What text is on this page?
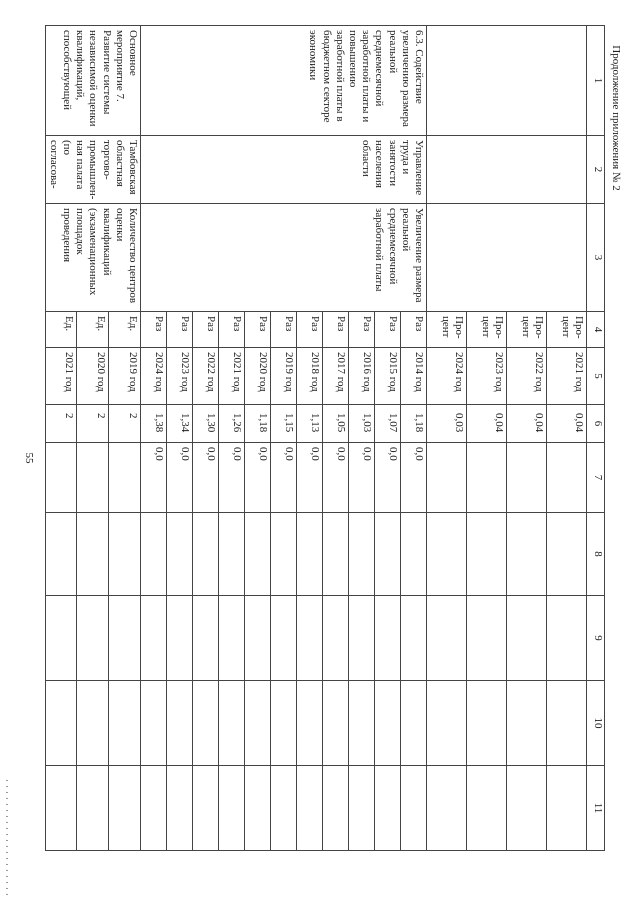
55
Продолжение приложения № 2
1	2	3	4	5	6	7	8	9	10	11
			Про-цент	2021 год	0,04					
			Про-цент	2022 год	0,04					
			Про-цент	2023 год	0,04					
			Про-цент	2024 год	0,03					
6.3. Содействие увеличению размера реальной среднемесячной заработной платы и повышению заработной платы в бюджетном секторе экономики	Управление труда и занятости населения области	Увеличение размера реальной среднемесячной заработной платы	Раз	2014 год	1,18	0,0				
			Раз	2015 год	1,07	0,0				
			Раз	2016 год	1,03	0,0				
			Раз	2017 год	1,05	0,0				
			Раз	2018 год	1,13	0,0				
			Раз	2019 год	1,15	0,0				
			Раз	2020 год	1,18	0,0				
			Раз	2021 год	1,26	0,0				
			Раз	2022 год	1,30	0,0				
			Раз	2023 год	1,34	0,0				
			Раз	2024 год	1,38	0,0				
Основное мероприятие 7. Развитие системы независимой оценки квалификаций, способствующей	Тамбовская областная торгово-промышлен-ная палата (по согласова-	Количество центров оценки квалификаций (экзаменационных площадок проведения	Ед.	2019 год	2					
			Ед.	2020 год	2					
			Ед.	2021 год	2					
